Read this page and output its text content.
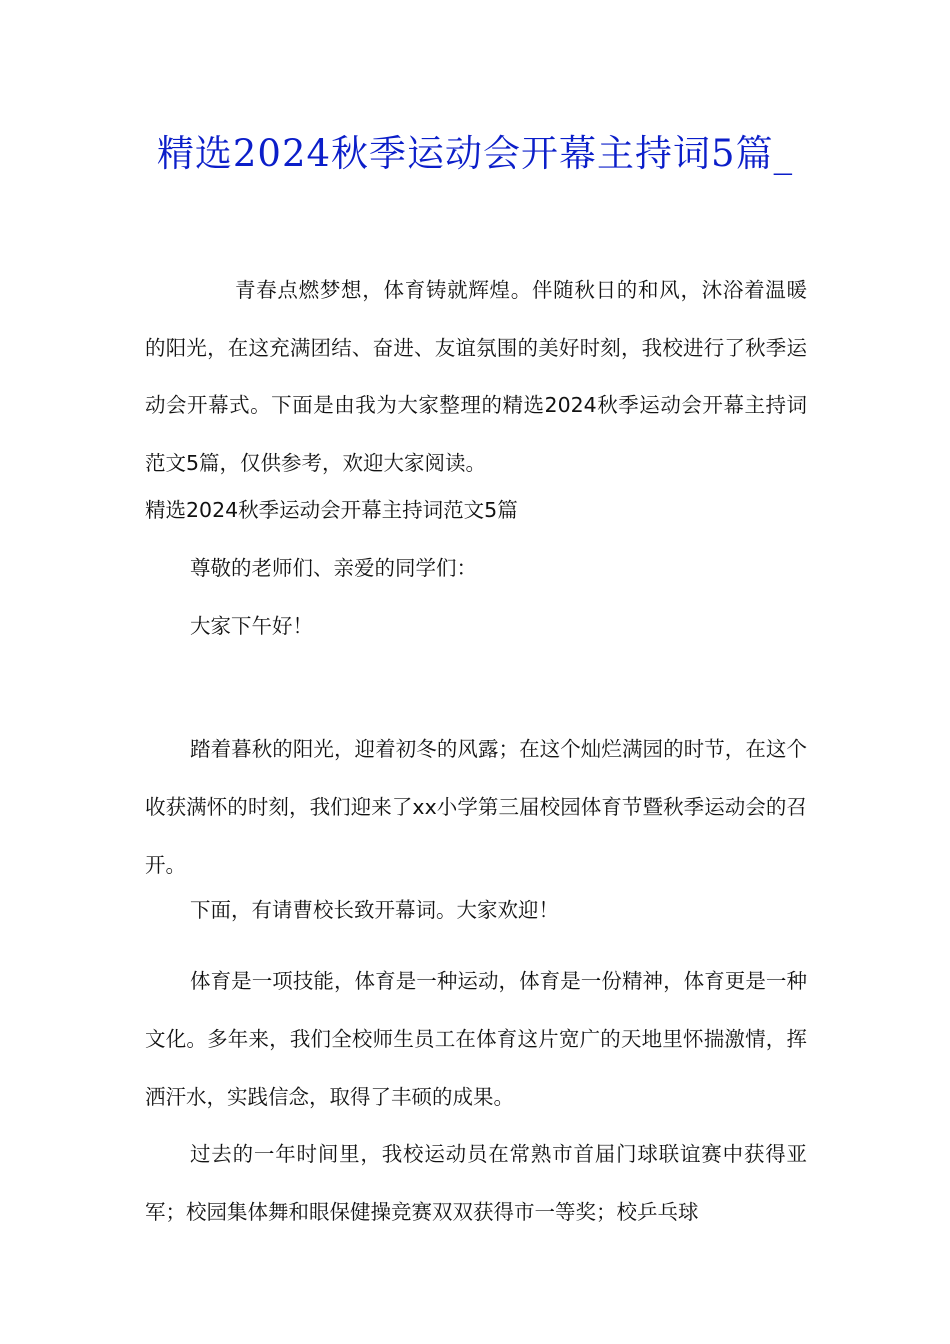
精选2024秋季运动会开幕主持词5篇_

青春点燃梦想，体育铸就辉煌。伴随秋日的和风，沐浴着温暖的阳光，在这充满团结、奋进、友谊氛围的美好时刻，我校进行了秋季运动会开幕式。下面是由我为大家整理的精选2024秋季运动会开幕主持词范文5篇，仅供参考，欢迎大家阅读。

精选2024秋季运动会开幕主持词范文5篇

尊敬的老师们、亲爱的同学们：

大家下午好！

踏着暮秋的阳光，迎着初冬的风露；在这个灿烂满园的时节，在这个收获满怀的时刻，我们迎来了xx小学第三届校园体育节暨秋季运动会的召开。

下面，有请曹校长致开幕词。大家欢迎！

体育是一项技能，体育是一种运动，体育是一份精神，体育更是一种文化。多年来，我们全校师生员工在体育这片宽广的天地里怀揣激情，挥洒汗水，实践信念，取得了丰硕的成果。

过去的一年时间里，我校运动员在常熟市首届门球联谊赛中获得亚军；校园集体舞和眼保健操竞赛双双获得市一等奖；校乒乓球
